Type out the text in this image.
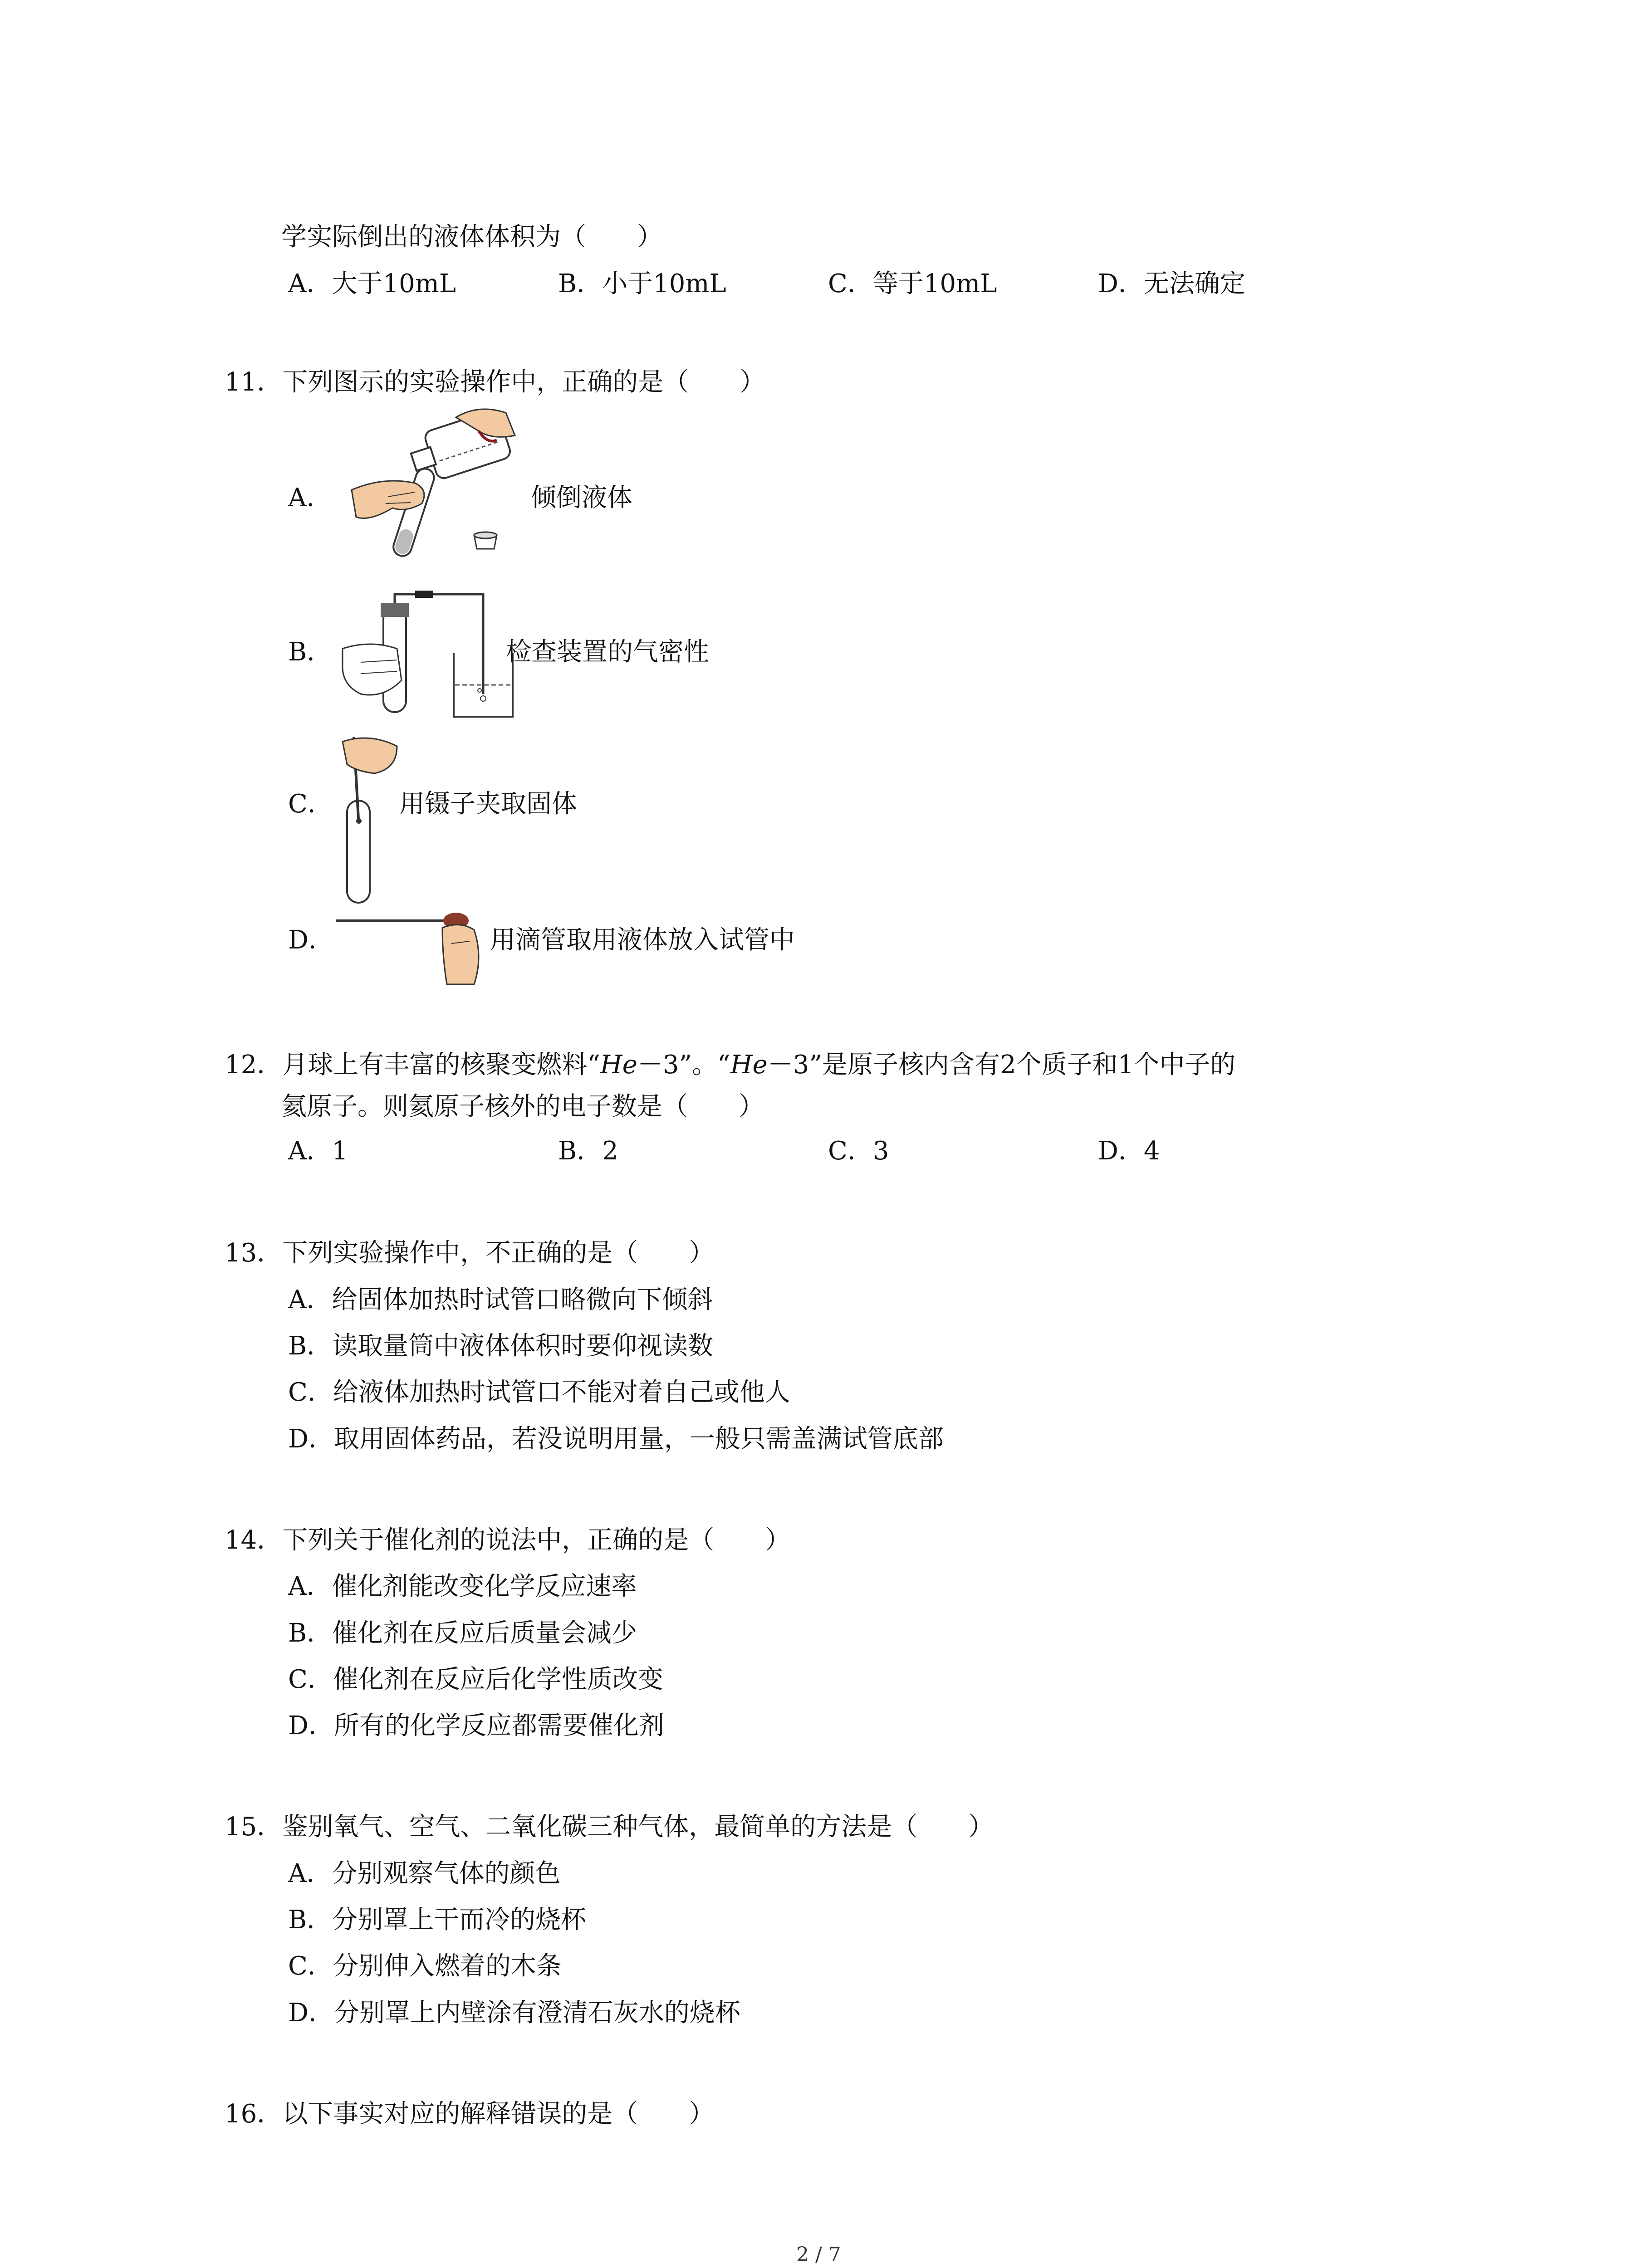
学实际倒出的液体体积为（　　）
A．大于10mL	B．小于10mL	C．等于10mL	D．无法确定
11．下列图示的实验操作中，正确的是（　　）
A．	倾倒液体
B．	检查装置的气密性
C．	用镊子夹取固体
D．	用滴管取用液体放入试管中
12．月球上有丰富的核聚变燃料“He－3”。“He－3”是原子核内含有2个质子和1个中子的
氦原子。则氦原子核外的电子数是（　　）
A．1	B．2	C．3	D．4
13．下列实验操作中，不正确的是（　　）
A．给固体加热时试管口略微向下倾斜
B．读取量筒中液体体积时要仰视读数
C．给液体加热时试管口不能对着自己或他人
D．取用固体药品，若没说明用量，一般只需盖满试管底部
14．下列关于催化剂的说法中，正确的是（　　）
A．催化剂能改变化学反应速率
B．催化剂在反应后质量会减少
C．催化剂在反应后化学性质改变
D．所有的化学反应都需要催化剂
15．鉴别氧气、空气、二氧化碳三种气体，最简单的方法是（　　）
A．分别观察气体的颜色
B．分别罩上干而冷的烧杯
C．分别伸入燃着的木条
D．分别罩上内壁涂有澄清石灰水的烧杯
16．以下事实对应的解释错误的是（　　）
2 / 7
